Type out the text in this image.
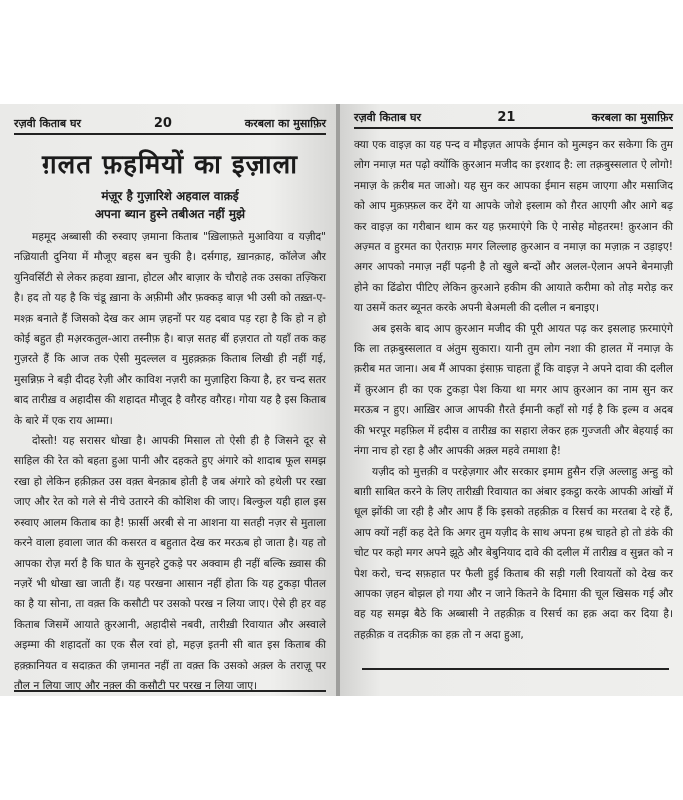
रज़वी किताब घर	20	करबला का मुसाफ़िर
ग़लत फ़हमियों का इज़ाला
मंज़ूर है गुज़ारिशे अहवाल वाक़ई
अपना ब्यान हुस्ने तबीअत नहीं मुझे

महमूद अब्बासी की रुस्वाए ज़माना किताब "ख़िलाफ़ते मुआविया व यज़ीद" नज़्रियाती दुनिया में मौजूए बहस बन चुकी है। दर्सगाह, ख़ानक़ाह, कॉलेज और युनिवर्सिटी से लेकर क़हवा ख़ाना, होटल और बाज़ार के चौराहे तक उसका तज़्किरा है। हद तो यह है कि चंडू ख़ाना के अफ़ीमी और फ़क्कड़ बाज़ भी उसी को तख़्त-ए-मश्क़ बनाते हैं जिसको देख कर आम ज़हनों पर यह दबाव पड़ रहा है कि हो न हो कोई बहुत ही मअ़रकतुल-आरा तस्नीफ़ है। बाज़ सतह बीं हज़रात तो यहाँ तक कह गुज़रते हैं कि आज तक ऐसी मुदल्लल व मुहक़्क़क़ किताब लिखी ही नहीं गई, मुसन्निफ़ ने बड़ी दीदह रेज़ी और काविश नज़री का मुज़ाहिरा किया है, हर चन्द सतर बाद तारीख़ व अहादीस की शहादत मौजूद है वग़ैरह वग़ैरह। गोया यह है इस किताब के बारे में एक राय आम्मा।

दोस्तो! यह सरासर धोखा है। आपकी मिसाल तो ऐसी ही है जिसने दूर से साहिल की रेत को बहता हुआ पानी और दहकते हुए अंगारे को शादाब फूल समझ रखा हो लेकिन हक़ीक़त उस वक़्त बेनक़ाब होती है जब अंगारे को हथेली पर रखा जाए और रेत को गले से नीचे उतारने की कोशिश की जाए। बिल्कुल यही हाल इस रुस्वाए आलम किताब का है! फ़ार्सी अरबी से ना आशना या सतही नज़र से मुताला करने वाला हवाला जात की कसरत व बहुतात देख कर मरऊब हो जाता है। यह तो आपका रोज़ मर्रा है कि घात के सुनहरे टुकड़े पर अक्वाम ही नहीं बल्कि ख़्वास की नज़रें भी धोखा खा जाती हैं। यह परखना आसान नहीं होता कि यह टुकड़ा पीतल का है या सोना, ता वक़्त कि कसौटी पर उसको परख न लिया जाए। ऐसे ही हर वह किताब जिसमें आयाते क़ुरआनी, अहादीसे नबवी, तारीख़ी रिवायात और अस्वाले अइम्मा की शहादतों का एक सैल रवां हो, महज़ इतनी सी बात इस किताब की हक़्क़ानियत व सदाक़त की ज़मानत नहीं ता वक़्त कि उसको अक़्ल के तराज़ू पर तौल न लिया जाए और नक़्ल की कसौटी पर परख न लिया जाए।

रज़वी किताब घर	21	करबला का मुसाफ़िर

क्या एक वाइज़ का यह पन्द व मौइज़त आपके ईमान को मुत्मइन कर सकेगा कि तुम लोग नमाज़ मत पढ़ो क्योंकि क़ुरआन मजीद का इरशाद है: ला तक़्रबुस्सलात ऐ लोगो! नमाज़ के क़रीब मत जाओ। यह सुन कर आपका ईमान सहम जाएगा और मसाजिद को आप मुक़फ़्फ़ल कर देंगे या आपके जोशे इस्लाम को ग़ैरत आएगी और आगे बढ़ कर वाइज़ का गरीबान थाम कर यह फ़रमाएंगे कि ऐ नासेह मोहतरम! क़ुरआन की अज़्मत व हुरमत का ऐतराफ़ मगर लिल्लाह क़ुरआन व नमाज़ का मज़ाक़ न उड़ाइए! अगर आपको नमाज़ नहीं पढ़नी है तो खुले बन्दों और अलल-ऐलान अपने बेनमाज़ी होने का ढिंढोरा पीटिए लेकिन क़ुरआने हकीम की आयाते करीमा को तोड़ मरोड़ कर या उसमें कतर ब्यूनत करके अपनी बेअमली की दलील न बनाइए।

अब इसके बाद आप क़ुरआन मजीद की पूरी आयत पढ़ कर इसलाह फ़रमाएंगे कि ला तक़्रबुस्सलात व अंतुम सुकारा। यानी तुम लोग नशा की हालत में नमाज़ के क़रीब मत जाना। अब मैं आपका इंसाफ़ चाहता हूँ कि वाइज़ ने अपने दावा की दलील में क़ुरआन ही का एक टुकड़ा पेश किया था मगर आप क़ुरआन का नाम सुन कर मरऊब न हुए। आख़िर आज आपकी ग़ैरते ईमानी कहाँ सो गई है कि इल्म व अदब की भरपूर महफ़िल में हदीस व तारीख़ का सहारा लेकर हक़ गुज्जती और बेहयाई का नंगा नाच हो रहा है और आपकी अक़्ल महवे तमाशा है!

यज़ीद को मुत्तक़ी व परहेज़गार और सरकार इमाम हुसैन रज़ि अल्लाहु अन्हु को बाग़ी साबित करने के लिए तारीख़ी रिवायात का अंबार इकट्ठा करके आपकी आंखों में धूल झोंकी जा रही है और आप हैं कि इसको तहक़ीक़ व रिसर्च का मरतबा दे रहे हैं, आप क्यों नहीं कह देते कि अगर तुम यज़ीद के साथ अपना हश्र चाहते हो तो डंके की चोट पर कहो मगर अपने झूठे और बेबुनियाद दावे की दलील में तारीख़ व सुन्नत को न पेश करो, चन्द सफ़हात पर फैली हुई किताब की सड़ी गली रिवायतों को देख कर आपका ज़हन बोझल हो गया और न जाने कितने के दिमाग़ की चूल खिसक गई और वह यह समझ बैठे कि अब्बासी ने तहक़ीक़ व रिसर्च का हक़ अदा कर दिया है। तहक़ीक़ व तदक़ीक़ का हक़ तो न अदा हुआ,
